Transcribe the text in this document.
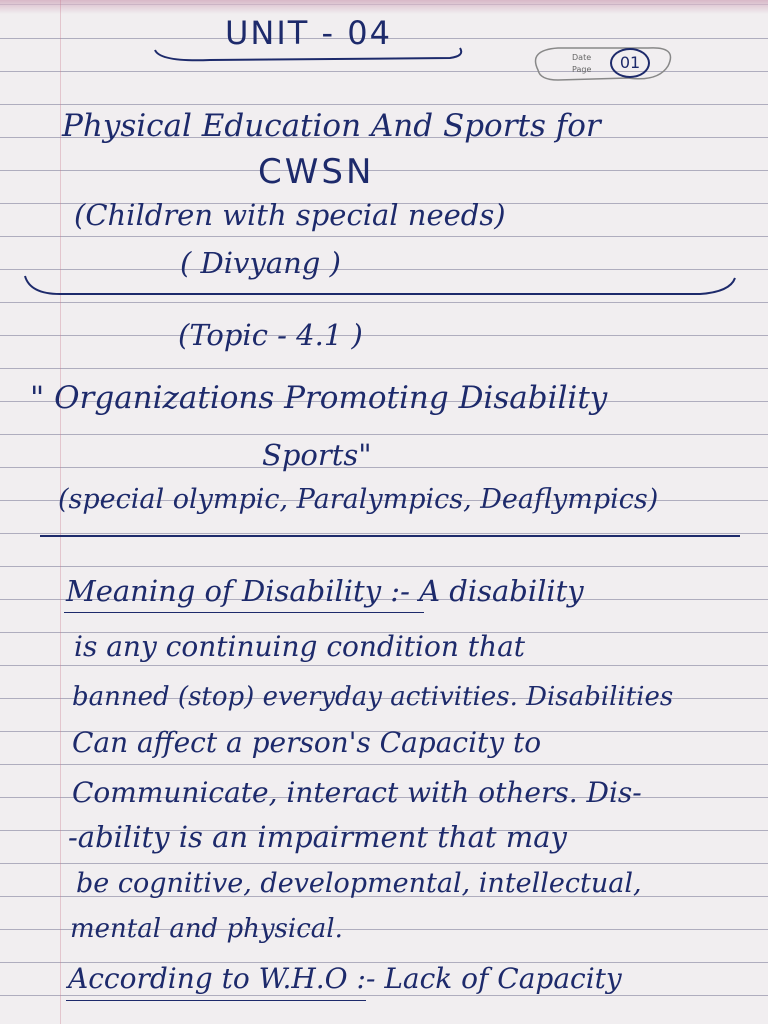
UNIT - 04
Date
Page	01
Physical Education And Sports for
CWSN
(Children with special needs)
( Divyang )
(Topic - 4.1 )
" Organizations Promoting Disability
Sports"
(special olympic, Paralympics, Deaflympics)
Meaning of Disability :- A disability
is any continuing condition that
banned (stop) everyday activities. Disabilities
Can affect a person's Capacity to
Communicate, interact with others. Dis-
-ability is an impairment that may
be cognitive, developmental, intellectual,
mental and physical.
According to W.H.O :- Lack of Capacity
